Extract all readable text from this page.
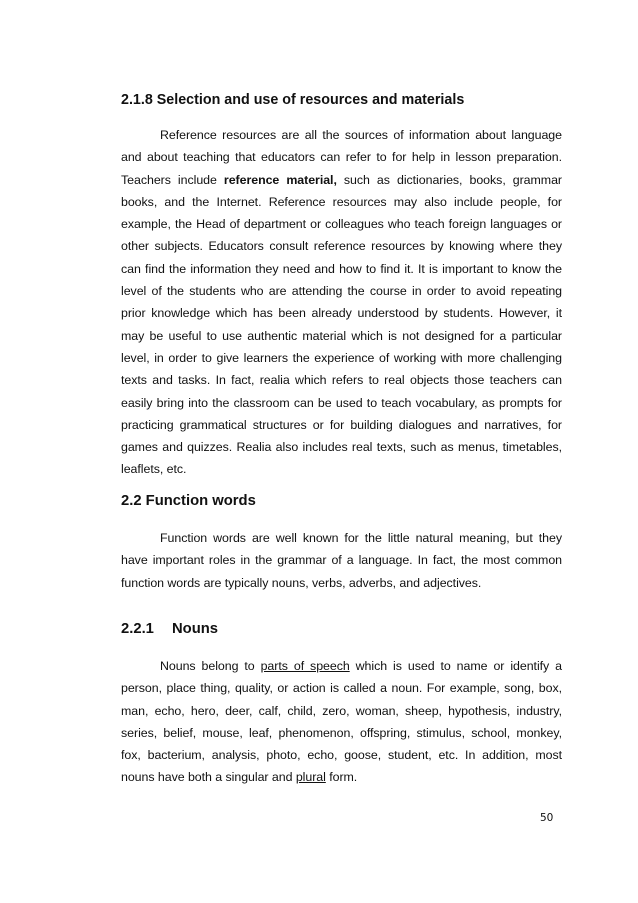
2.1.8 Selection and use of resources and materials

Reference resources are all the sources of information about language and about teaching that educators can refer to for help in lesson preparation. Teachers include reference material, such as dictionaries, books, grammar books, and the Internet. Reference resources may also include people, for example, the Head of department or colleagues who teach foreign languages or other subjects. Educators consult reference resources by knowing where they can find the information they need and how to find it. It is important to know the level of the students who are attending the course in order to avoid repeating prior knowledge which has been already understood by students. However, it may be useful to use authentic material which is not designed for a particular level, in order to give learners the experience of working with more challenging texts and tasks. In fact, realia which refers to real objects those teachers can easily bring into the classroom can be used to teach vocabulary, as prompts for practicing grammatical structures or for building dialogues and narratives, for games and quizzes. Realia also includes real texts, such as menus, timetables, leaflets, etc.

2.2 Function words

Function words are well known for the little natural meaning, but they have important roles in the grammar of a language. In fact, the most common function words are typically nouns, verbs, adverbs, and adjectives.

2.2.1 Nouns

Nouns belong to parts of speech which is used to name or identify a person, place thing, quality, or action is called a noun. For example, song, box, man, echo, hero, deer, calf, child, zero, woman, sheep, hypothesis, industry, series, belief, mouse, leaf, phenomenon, offspring, stimulus, school, monkey, fox, bacterium, analysis, photo, echo, goose, student, etc. In addition, most nouns have both a singular and plural form.

50
